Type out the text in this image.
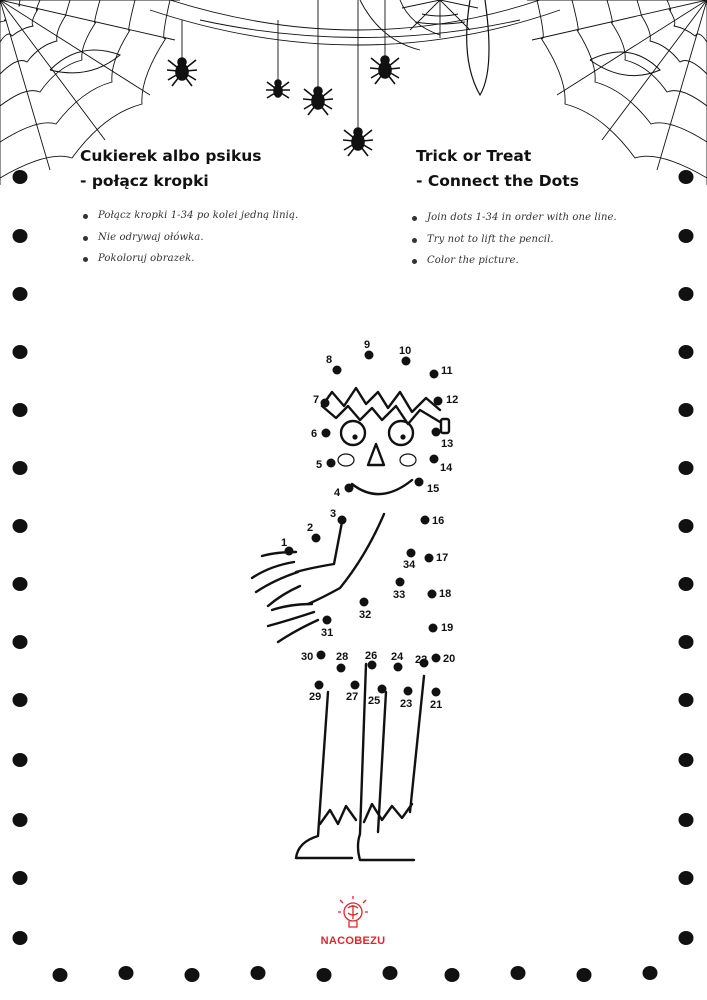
Cukierek albo psikus
- połącz kropki
Trick or Treat
- Connect the Dots
Połącz kropki 1-34 po kolei jedną linią.
Nie odrywaj ołówka.
Pokoloruj obrazek.
Join dots 1-34 in order with one line.
Try not to lift the pencil.
Color the picture.
1
2
3
4
5
6
7
8
9	10
11
12
13
14
15
16
17
18
19
20
21
22
23
24
25
26
27
28
29
30
31
32
33
34
NACOBEZU
